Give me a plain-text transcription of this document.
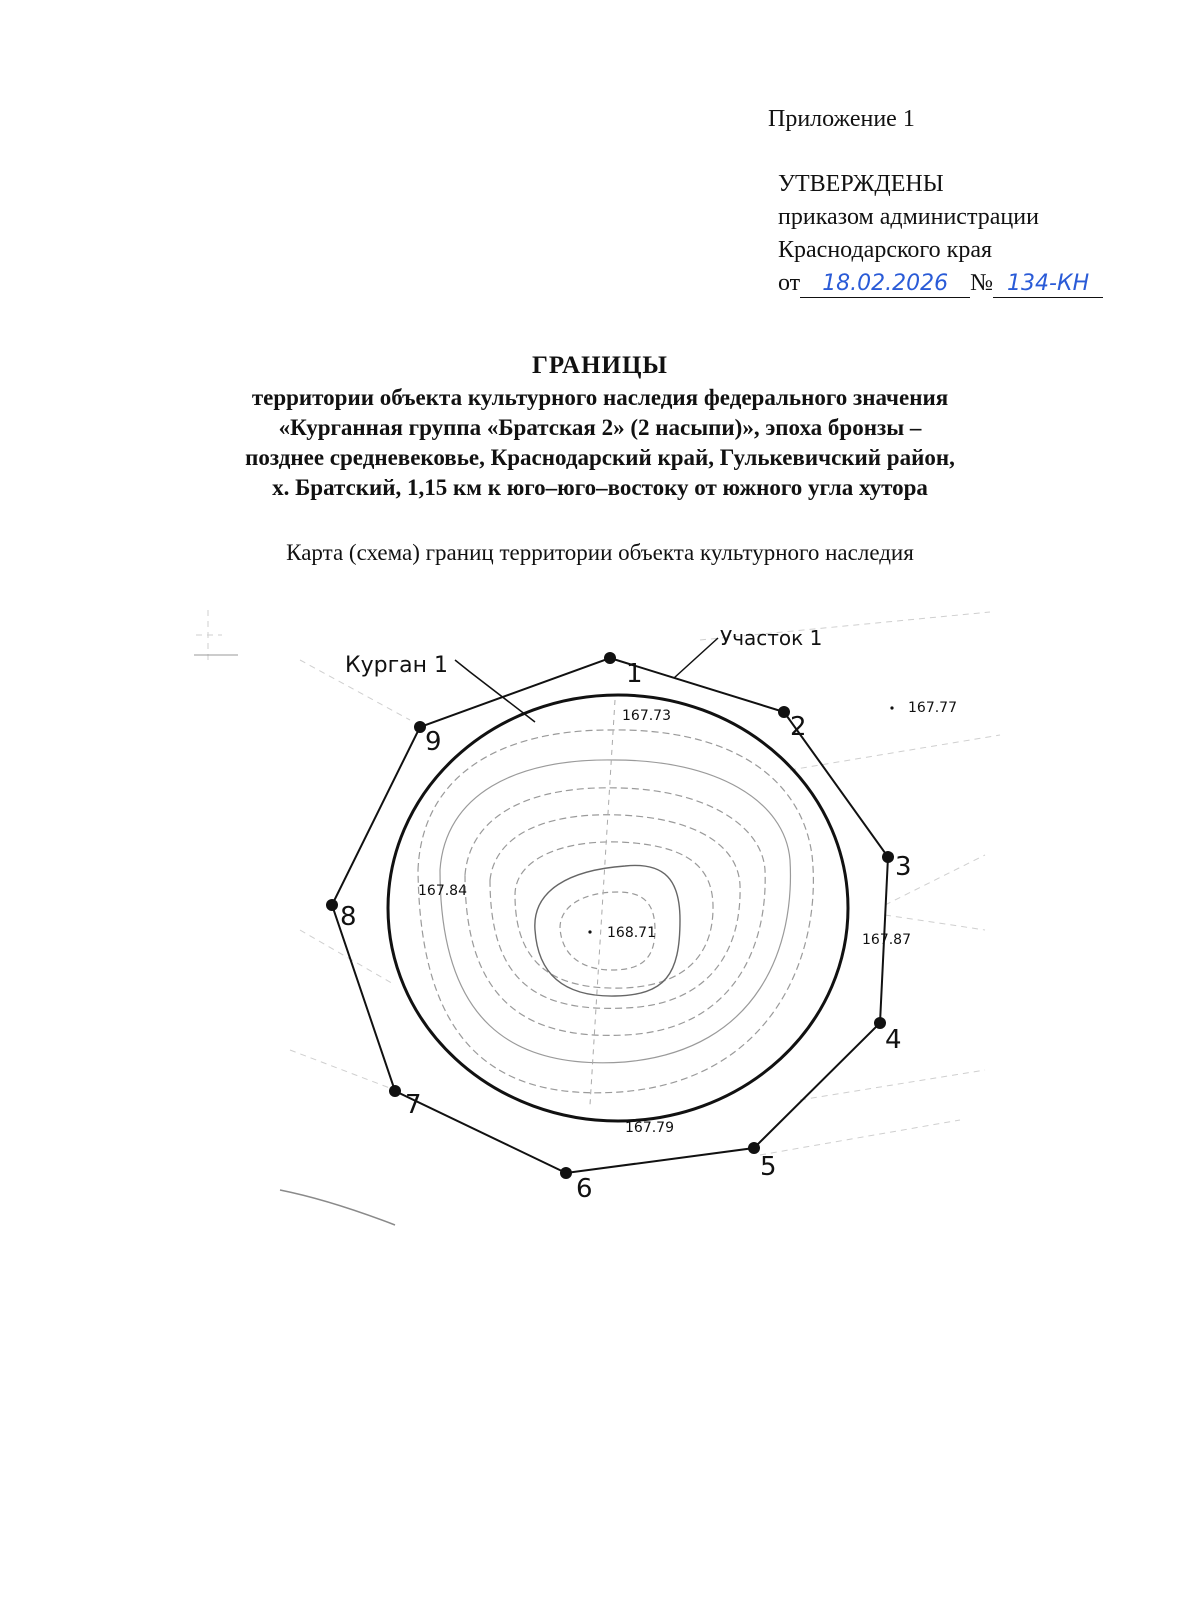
Приложение 1
УТВЕРЖДЕНЫ
приказом администрации
Краснодарского края
от 18.02.2026 № 134-КН
ГРАНИЦЫ
территории объекта культурного наследия федерального значения
«Курганная группа «Братская 2» (2 насыпи)», эпоха бронзы –
позднее средневековье, Краснодарский край, Гулькевичский район,
х. Братский, 1,15 км к юго–юго–востоку от южного угла хутора
Карта (схема) границ территории объекта культурного наследия
1
2
3
4
5
6
7
8
9
Курган 1
Участок 1
167.73	167.77
167.84
168.71	167.87
167.79
